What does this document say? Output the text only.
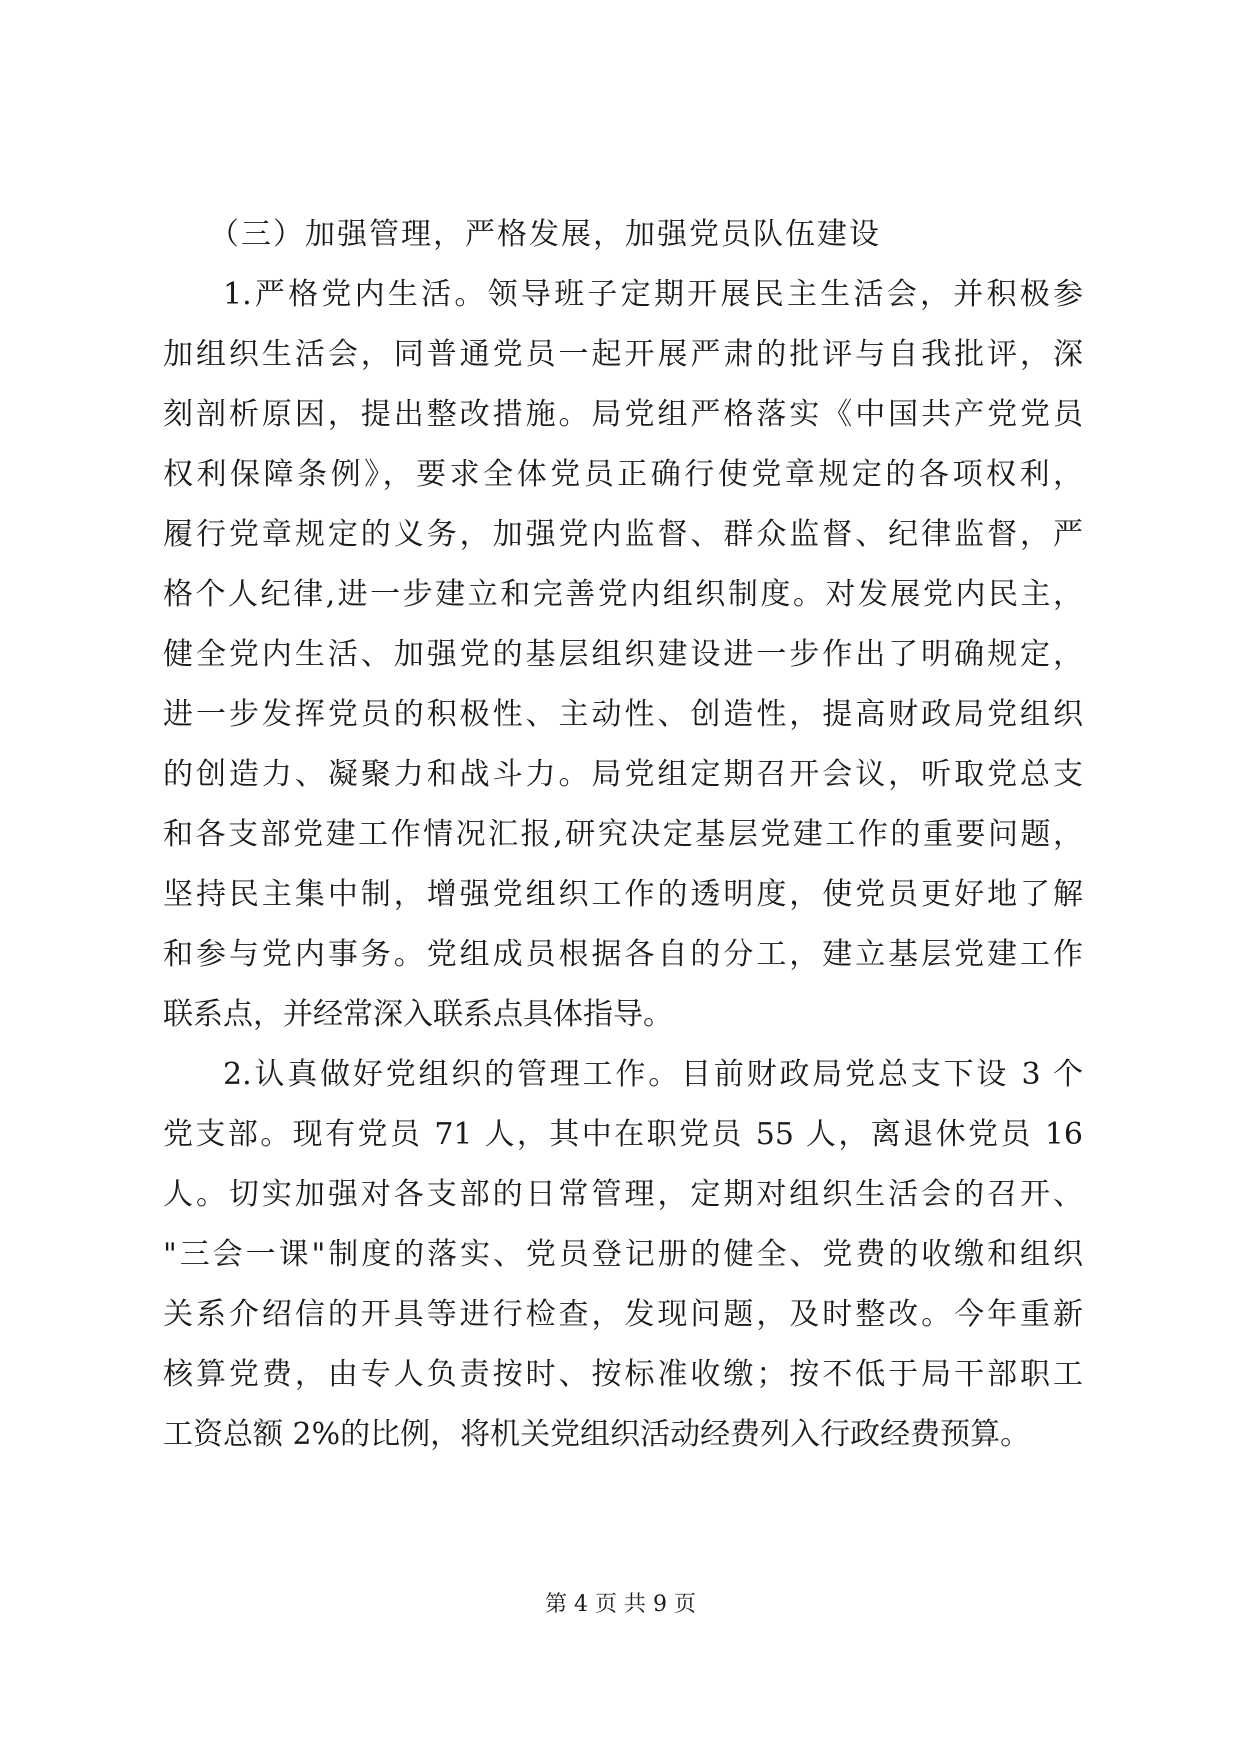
（三）加强管理，严格发展，加强党员队伍建设

1.严格党内生活。领导班子定期开展民主生活会，并积极参

加组织生活会，同普通党员一起开展严肃的批评与自我批评，深

刻剖析原因，提出整改措施。局党组严格落实《中国共产党党员

权利保障条例》，要求全体党员正确行使党章规定的各项权利，

履行党章规定的义务，加强党内监督、群众监督、纪律监督，严

格个人纪律,进一步建立和完善党内组织制度。对发展党内民主，

健全党内生活、加强党的基层组织建设进一步作出了明确规定，

进一步发挥党员的积极性、主动性、创造性，提高财政局党组织

的创造力、凝聚力和战斗力。局党组定期召开会议，听取党总支

和各支部党建工作情况汇报,研究决定基层党建工作的重要问题，

坚持民主集中制，增强党组织工作的透明度，使党员更好地了解

和参与党内事务。党组成员根据各自的分工，建立基层党建工作

联系点，并经常深入联系点具体指导。

2.认真做好党组织的管理工作。目前财政局党总支下设 3 个

党支部。现有党员 71 人，其中在职党员 55 人，离退休党员 16

人。切实加强对各支部的日常管理，定期对组织生活会的召开、

"三会一课"制度的落实、党员登记册的健全、党费的收缴和组织

关系介绍信的开具等进行检查，发现问题，及时整改。今年重新

核算党费，由专人负责按时、按标准收缴；按不低于局干部职工

工资总额 2%的比例，将机关党组织活动经费列入行政经费预算。

第 4 页 共 9 页
